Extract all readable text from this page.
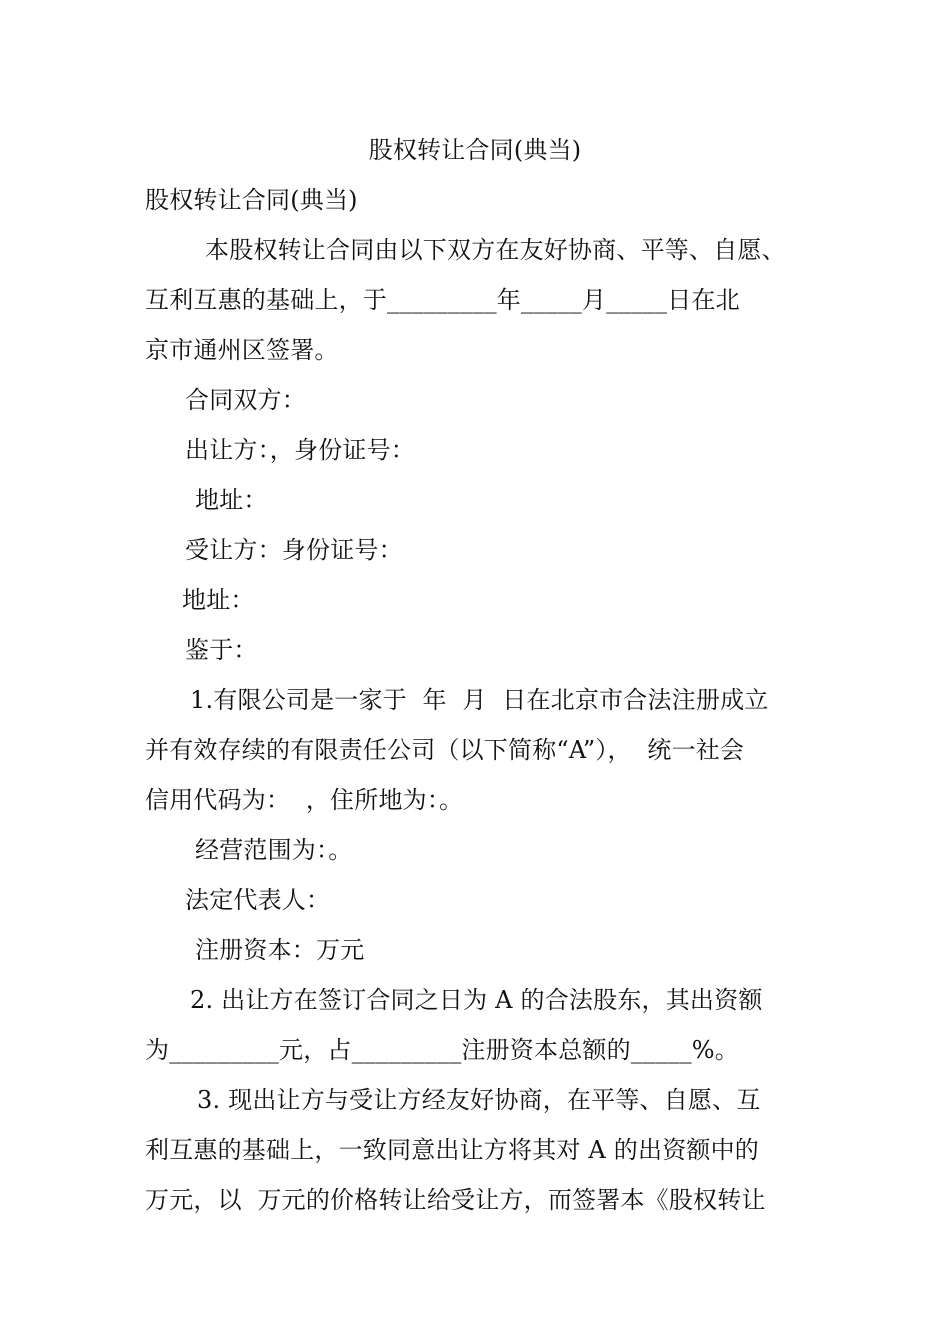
股权转让合同(典当)
股权转让合同(典当)
本股权转让合同由以下双方在友好协商、平等、自愿、
互利互惠的基础上，于_________年_____月_____日在北
京市通州区签署。
合同双方：
出让方：，身份证号：
地址：
受让方：身份证号：
地址：
鉴于：
1.有限公司是一家于  年  月  日在北京市合法注册成立
并有效存续的有限责任公司（以下简称“A”），  统一社会
信用代码为：  ，住所地为：。
经营范围为：。
法定代表人：
注册资本：万元
2. 出让方在签订合同之日为 A 的合法股东，其出资额
为_________元，占_________注册资本总额的_____%。
3. 现出让方与受让方经友好协商，在平等、自愿、互
利互惠的基础上，一致同意出让方将其对 A 的出资额中的
万元，以  万元的价格转让给受让方，而签署本《股权转让
